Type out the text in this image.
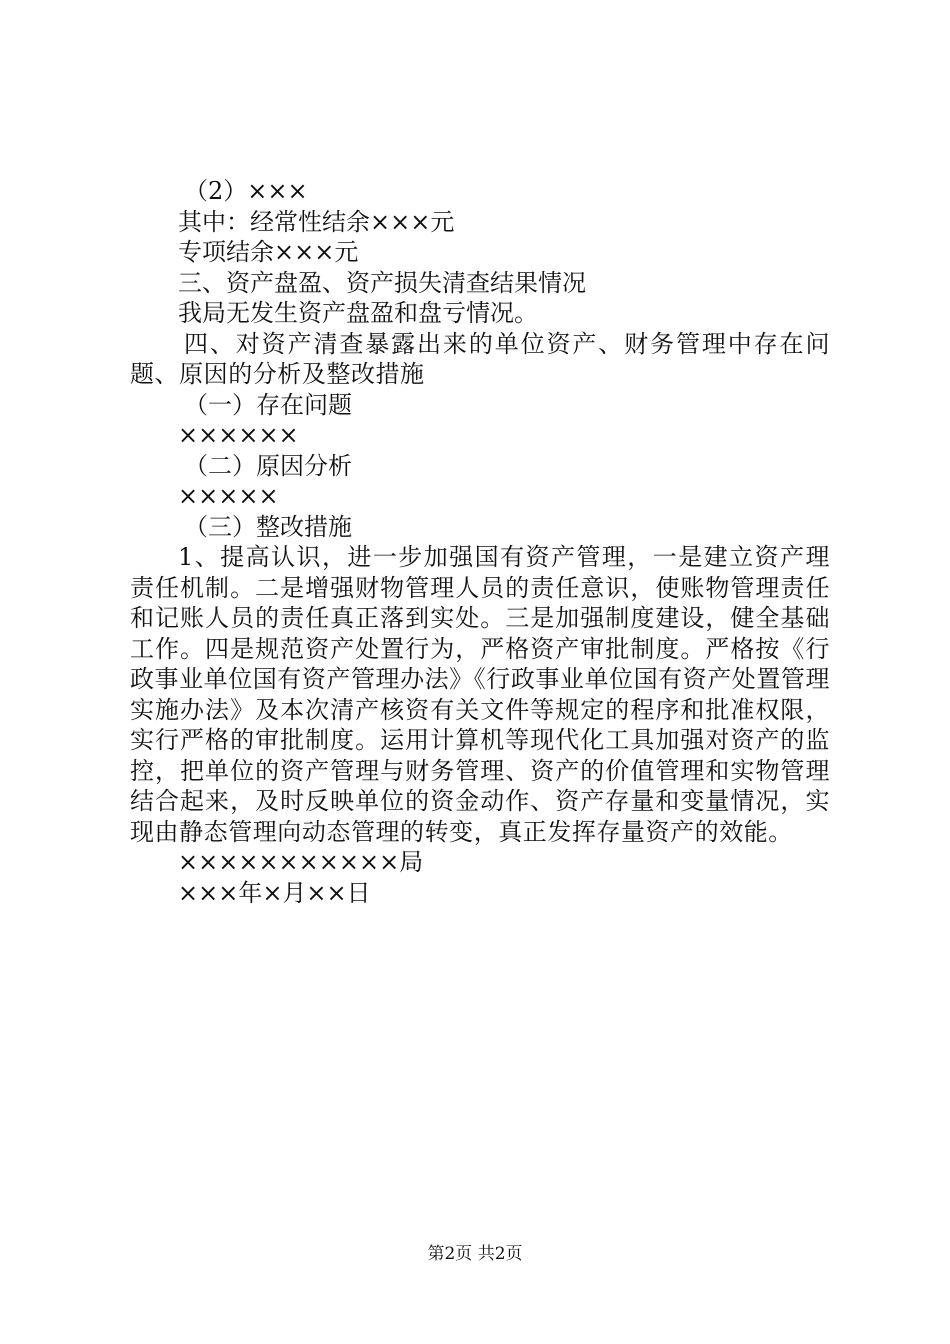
（2）×××
其中：经常性结余×××元
专项结余×××元
三、资产盘盈、资产损失清查结果情况
我局无发生资产盘盈和盘亏情况。
四、对资产清查暴露出来的单位资产、财务管理中存在问题、原因的分析及整改措施
（一）存在问题
××××××
（二）原因分析
×××××
（三）整改措施
1、提高认识，进一步加强国有资产管理，一是建立资产理责任机制。二是增强财物管理人员的责任意识，使账物管理责任和记账人员的责任真正落到实处。三是加强制度建设，健全基础工作。四是规范资产处置行为，严格资产审批制度。严格按《行政事业单位国有资产管理办法》《行政事业单位国有资产处置管理实施办法》及本次清产核资有关文件等规定的程序和批准权限，实行严格的审批制度。运用计算机等现代化工具加强对资产的监控，把单位的资产管理与财务管理、资产的价值管理和实物管理结合起来，及时反映单位的资金动作、资产存量和变量情况，实现由静态管理向动态管理的转变，真正发挥存量资产的效能。
×××××××××××局
×××年×月××日
第2页 共2页
